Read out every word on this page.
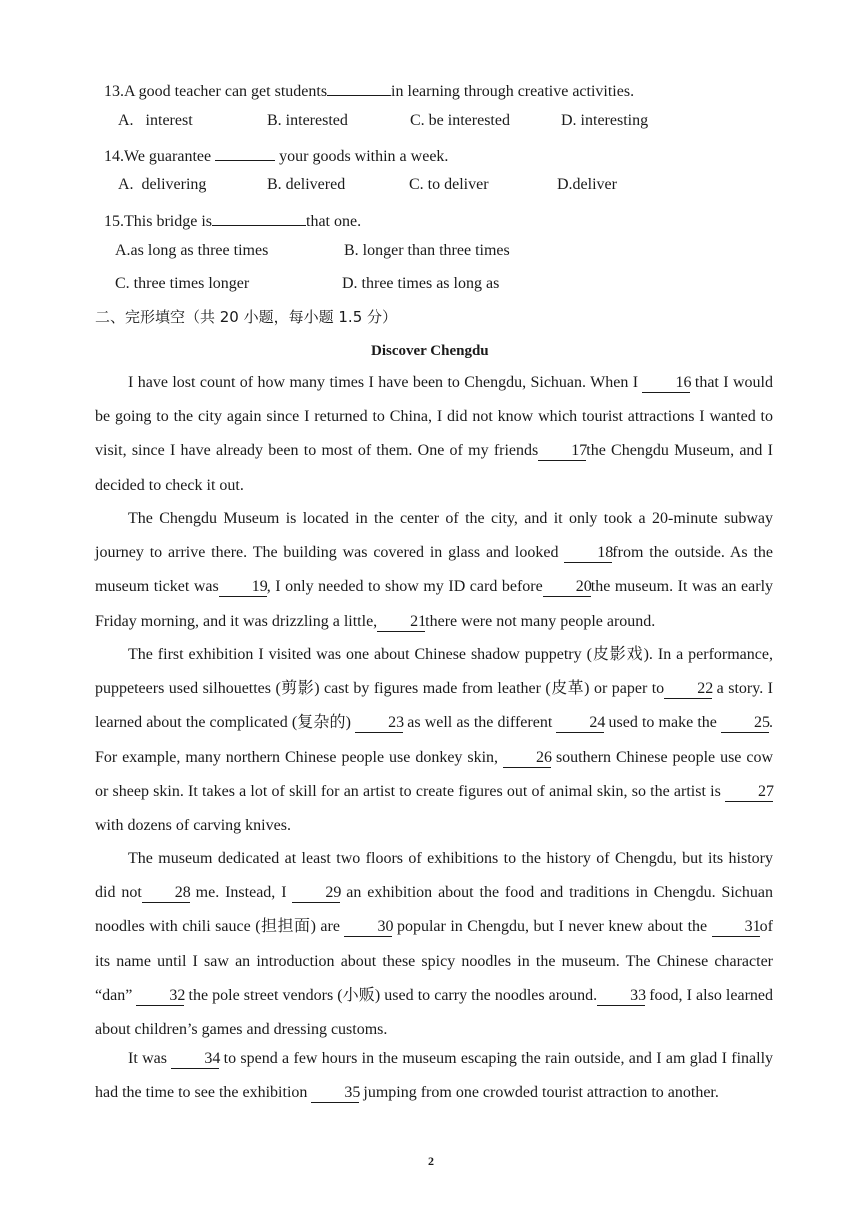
13.A good teacher can get students	in learning through creative activities.
A.   interest	B. interested	C. be interested	D. interesting
14.We guarantee	your goods within a week.
A.  delivering	B. delivered	C. to deliver	D.deliver
15.This bridge is	that one.
A.as long as three times	B. longer than three times
C. three times longer	D. three times as long as
二、完形填空（共 20 小题，每小题 1.5 分）
Discover Chengdu
I have lost count of how many times I have been to Chengdu, Sichuan. When I 16 that I would be going to the city again since I returned to China, I did not know which tourist attractions I wanted to visit, since I have already been to most of them. One of my friends 17the Chengdu Museum, and I decided to check it out.
The Chengdu Museum is located in the center of the city, and it only took a 20-minute subway journey to arrive there. The building was covered in glass and looked 18from the outside. As the museum ticket was 19, I only needed to show my ID card before 20the museum. It was an early Friday morning, and it was drizzling a little, 21there were not many people around.
The first exhibition I visited was one about Chinese shadow puppetry (皮影戏). In a performance, puppeteers used silhouettes (剪影) cast by figures made from leather (皮革) or paper to 22 a story. I learned about the complicated (复杂的) 23 as well as the different 24 used to make the 25. For example, many northern Chinese people use donkey skin, 26 southern Chinese people use cow or sheep skin. It takes a lot of skill for an artist to create figures out of animal skin, so the artist is 27 with dozens of carving knives.
The museum dedicated at least two floors of exhibitions to the history of Chengdu, but its history did not 28 me. Instead, I 29 an exhibition about the food and traditions in Chengdu. Sichuan noodles with chili sauce (担担面) are 30 popular in Chengdu, but I never knew about the 31of its name until I saw an introduction about these spicy noodles in the museum. The Chinese character “dan” 32 the pole street vendors (小贩) used to carry the noodles around. 33 food, I also learned about children’s games and dressing customs.
It was 34 to spend a few hours in the museum escaping the rain outside, and I am glad I finally had the time to see the exhibition 35 jumping from one crowded tourist attraction to another.
2
